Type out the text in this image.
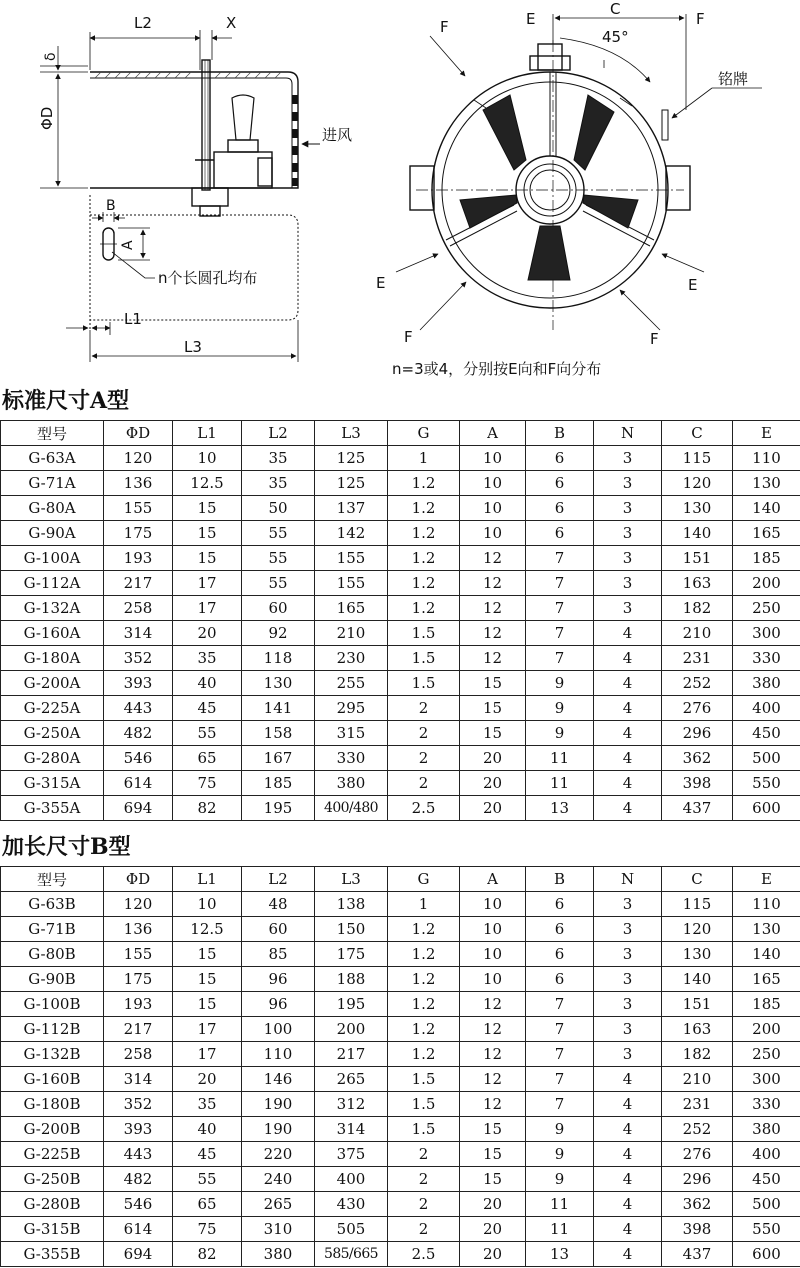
L2	X
δ
ΦD
进风
B
A
n个长圆孔均布
L1
L3
E
C
F
45°
F
铭牌
E	E
F	F
n=3或4，分别按E向和F向分布
标准尺寸A型
型号	ΦD	L1	L2	L3	G	A	B	N	C	E
G-63A	120	10	35	125	1	10	6	3	115	110
G-71A	136	12.5	35	125	1.2	10	6	3	120	130
G-80A	155	15	50	137	1.2	10	6	3	130	140
G-90A	175	15	55	142	1.2	10	6	3	140	165
G-100A	193	15	55	155	1.2	12	7	3	151	185
G-112A	217	17	55	155	1.2	12	7	3	163	200
G-132A	258	17	60	165	1.2	12	7	3	182	250
G-160A	314	20	92	210	1.5	12	7	4	210	300
G-180A	352	35	118	230	1.5	12	7	4	231	330
G-200A	393	40	130	255	1.5	15	9	4	252	380
G-225A	443	45	141	295	2	15	9	4	276	400
G-250A	482	55	158	315	2	15	9	4	296	450
G-280A	546	65	167	330	2	20	11	4	362	500
G-315A	614	75	185	380	2	20	11	4	398	550
G-355A	694	82	195	400/480	2.5	20	13	4	437	600
加长尺寸B型
型号	ΦD	L1	L2	L3	G	A	B	N	C	E
G-63B	120	10	48	138	1	10	6	3	115	110
G-71B	136	12.5	60	150	1.2	10	6	3	120	130
G-80B	155	15	85	175	1.2	10	6	3	130	140
G-90B	175	15	96	188	1.2	10	6	3	140	165
G-100B	193	15	96	195	1.2	12	7	3	151	185
G-112B	217	17	100	200	1.2	12	7	3	163	200
G-132B	258	17	110	217	1.2	12	7	3	182	250
G-160B	314	20	146	265	1.5	12	7	4	210	300
G-180B	352	35	190	312	1.5	12	7	4	231	330
G-200B	393	40	190	314	1.5	15	9	4	252	380
G-225B	443	45	220	375	2	15	9	4	276	400
G-250B	482	55	240	400	2	15	9	4	296	450
G-280B	546	65	265	430	2	20	11	4	362	500
G-315B	614	75	310	505	2	20	11	4	398	550
G-355B	694	82	380	585/665	2.5	20	13	4	437	600
